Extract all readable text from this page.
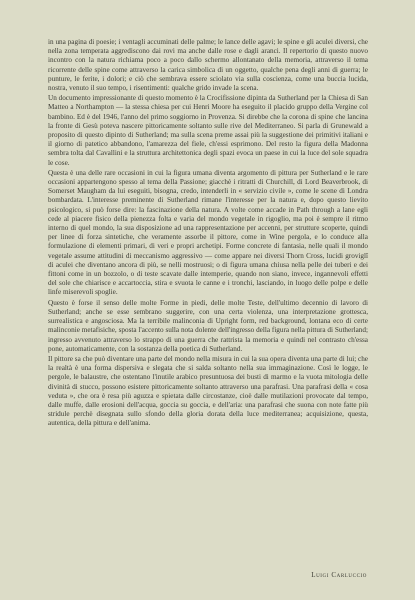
in una pagina di poesie; i ventagli accuminati delle palme; le lance delle agavi; le spine e gli aculei diversi, che nella zona temperata aggrediscono dai rovi ma anche dalle rose e dagli aranci. Il repertorio di questo nuovo incontro con la natura richiama poco a poco dallo schermo allontanato della memoria, attraverso il tema ricorrente delle spine come attraverso la carica simbolica di un oggetto, qualche pena degli anni di guerra; le punture, le ferite, i dolori; e ciò che sembrava essere sciolato via sulla coscienza, come una buccia lucida, nostra, venuto il suo tempo, i risentimenti: qualche grido invade la scena.

Un documento impressionante di questo momento è la Crocifissione dipinta da Sutherland per la Chiesa di San Matteo a Northampton — la stessa chiesa per cui Henri Moore ha eseguito il placido gruppo della Vergine col bambino. Ed è del 1946, l'anno del primo soggiorno in Provenza. Si direbbe che la corona di spine che lancina la fronte di Gesù poteva nascere pittoricamente soltanto sulle rive del Mediterraneo. Si parla di Grunewald a proposito di questo dipinto di Sutherland; ma sulla scena preme assai più la suggestione dei primitivi italiani e il giorno di patetico abbandono, l'amarezza del fiele, ch'essi esprimono. Del resto la figura della Madonna sembra tolta dal Cavallini e la struttura architettonica degli spazi evoca un paese in cui la luce del sole squadra le cose.

Questa è una delle rare occasioni in cui la figura umana diventa argomento di pittura per Sutherland e le rare occasioni appartengono spesso al tema della Passione; giacchè i ritratti di Churchill, di Lord Beaverbrook, di Somerset Maugham da lui eseguiti, bisogna, credo, intenderli in « servizio civile », come le scene di Londra bombardata. L'interesse preminente di Sutherland rimane l'interesse per la natura e, dopo questo lievito psicologico, si può forse dire: la fascinazione della natura. A volte come accade in Path through a lane egli cede al piacere fisico della pienezza folta e varia del mondo vegetale in rigoglio, ma poi è sempre il ritmo interno di quel mondo, la sua disposizione ad una rappresentazione per accenni, per strutture scoperte, quindi per linee di forza sintetiche, che veramente assorbe il pittore, come in Wine pergola, e lo conduce alla formulazione di elementi primari, di veri e propri archetipi. Forme concrete di fantasia, nelle quali il mondo vegetale assume attitudini di meccanismo aggressivo — come appare nei diversi Thorn Cross, lucidi groviglî di aculei che diventano ancora di più, se nelli mostruosi; o di figura umana chiusa nella pelle dei tuberi e dei fittoni come in un bozzolo, o di teste scavate dalle intemperie, quando non siano, invece, ingannevoli effetti del sole che chiarisce e accartoccia, stira e svuota le canne e i tronchi, lasciando, in luogo delle polpe e delle linfe miserevoli spoglie.

Questo è forse il senso delle molte Forme in piedi, delle molte Teste, dell'ultimo decennio di lavoro di Sutherland; anche se esse sembrano suggerire, con una certa violenza, una interpretazione grottesca, surrealistica e angosciosa. Ma la terribile malinconia di Upright form, red background, lontana eco di certe malinconie metafisiche, sposta l'accento sulla nota dolente dell'ingresso della figura nella pittura di Sutherland; ingresso avvenuto attraverso lo strappo di una guerra che rattrista la memoria e quindi nel contrasto ch'essa pone, automaticamente, con la sostanza della poetica di Sutherland.

Il pittore sa che può diventare una parte del mondo nella misura in cui la sua opera diventa una parte di lui; che la realtà è una forma dispersiva e slegata che si salda soltanto nella sua immaginazione. Così le logge, le pergole, le balaustre, che ostentano l'inutile arabico presuntuosa dei busti di marmo e la vuota mitologia delle divinità di stucco, possono esistere pittoricamente soltanto attraverso una parafrasi. Una parafrasi della « cosa veduta », che ora è resa più aguzza e spietata dalle circostanze, cioè dalle mutilazioni provocate dal tempo, dalle muffe, dalle erosioni dell'acqua, goccia su goccia, e dell'aria: una parafrasi che suona con note fatte più stridule perchè disegnata sullo sfondo della gloria dorata della luce mediterranea; acquisizione, questa, autentica, della pittura e dell'anima.

Luigi Carluccio
